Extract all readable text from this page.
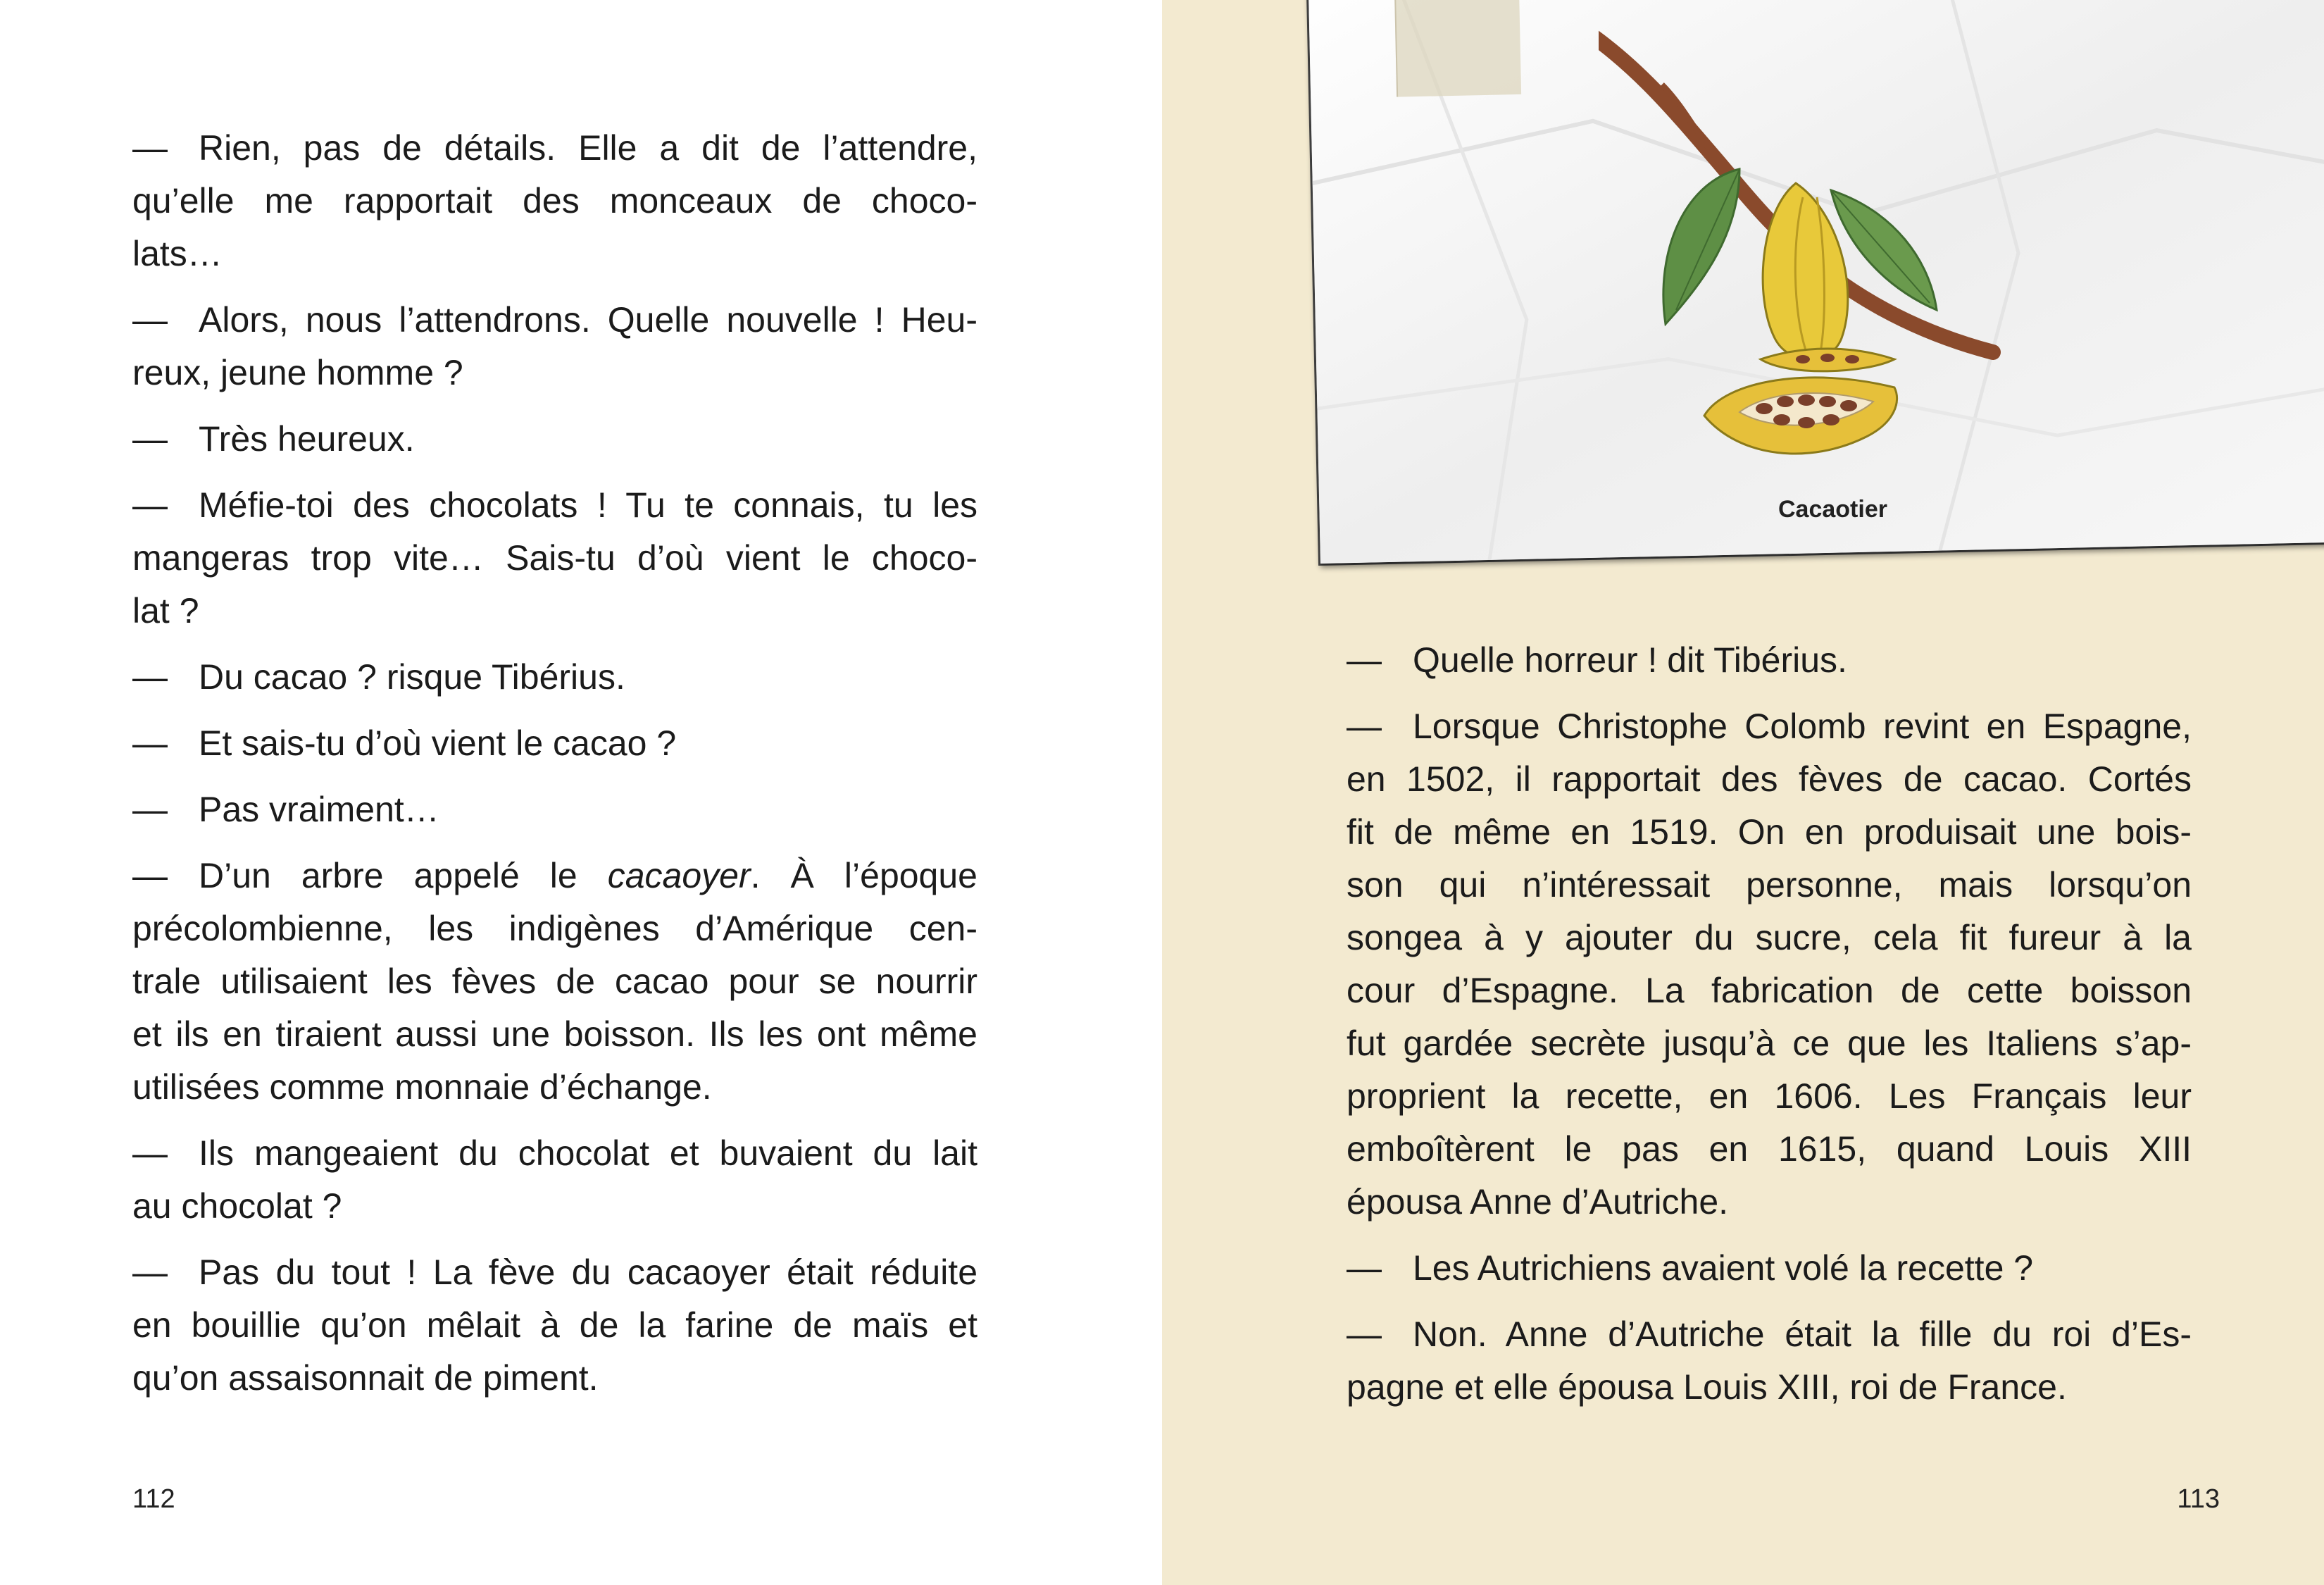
— Rien, pas de détails. Elle a dit de l’attendre,
qu’elle me rapportait des monceaux de choco-
lats…

— Alors, nous l’attendrons. Quelle nouvelle ! Heu-
reux, jeune homme ?

— Très heureux.

— Méfie-toi des chocolats ! Tu te connais, tu les
mangeras trop vite… Sais-tu d’où vient le choco-
lat ?

— Du cacao ? risque Tibérius.

— Et sais-tu d’où vient le cacao ?

— Pas vraiment…

— D’un arbre appelé le cacaoyer. À l’époque
précolombienne, les indigènes d’Amérique cen-
trale utilisaient les fèves de cacao pour se nourrir
et ils en tiraient aussi une boisson. Ils les ont même
utilisées comme monnaie d’échange.

— Ils mangeaient du chocolat et buvaient du lait
au chocolat ?

— Pas du tout ! La fève du cacaoyer était réduite
en bouillie qu’on mêlait à de la farine de maïs et
qu’on assaisonnait de piment.

112

— Quelle horreur ! dit Tibérius.

— Lorsque Christophe Colomb revint en Espagne,
en 1502, il rapportait des fèves de cacao. Cortés
fit de même en 1519. On en produisait une bois-
son qui n’intéressait personne, mais lorsqu’on
songea à y ajouter du sucre, cela fit fureur à la
cour d’Espagne. La fabrication de cette boisson
fut gardée secrète jusqu’à ce que les Italiens s’ap-
proprient la recette, en 1606. Les Français leur
emboîtèrent le pas en 1615, quand Louis XIII
épousa Anne d’Autriche.

— Les Autrichiens avaient volé la recette ?

— Non. Anne d’Autriche était la fille du roi d’Es-
pagne et elle épousa Louis XIII, roi de France.

113
Cacaotier
